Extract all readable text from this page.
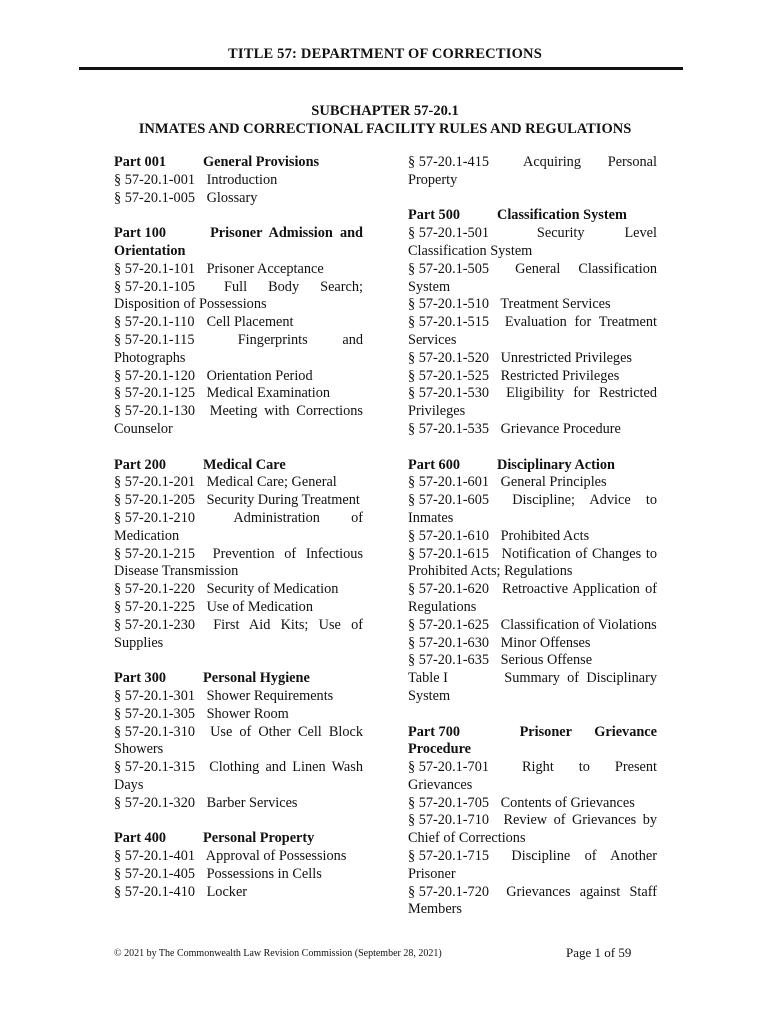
TITLE 57: DEPARTMENT OF CORRECTIONS
SUBCHAPTER 57-20.1
INMATES AND CORRECTIONAL FACILITY RULES AND REGULATIONS
Part 001	General Provisions
§ 57-20.1-001 Introduction
§ 57-20.1-005 Glossary
Part 100	Prisoner Admission and Orientation
§ 57-20.1-101 Prisoner Acceptance
§ 57-20.1-105 Full Body Search; Disposition of Possessions
§ 57-20.1-110 Cell Placement
§ 57-20.1-115	Fingerprints and Photographs
§ 57-20.1-120 Orientation Period
§ 57-20.1-125 Medical Examination
§ 57-20.1-130 Meeting with Corrections Counselor
Part 200	Medical Care
§ 57-20.1-201 Medical Care; General
§ 57-20.1-205 Security During Treatment
§ 57-20.1-210	Administration of Medication
§ 57-20.1-215 Prevention of Infectious Disease Transmission
§ 57-20.1-220 Security of Medication
§ 57-20.1-225 Use of Medication
§ 57-20.1-230 First Aid Kits; Use of Supplies
Part 300	Personal Hygiene
§ 57-20.1-301 Shower Requirements
§ 57-20.1-305 Shower Room
§ 57-20.1-310 Use of Other Cell Block Showers
§ 57-20.1-315 Clothing and Linen Wash Days
§ 57-20.1-320 Barber Services
Part 400	Personal Property
§ 57-20.1-401 Approval of Possessions
§ 57-20.1-405 Possessions in Cells
§ 57-20.1-410 Locker
§ 57-20.1-415 Acquiring Personal Property
Part 500	Classification System
§ 57-20.1-501	Security Level Classification System
§ 57-20.1-505 General Classification System
§ 57-20.1-510 Treatment Services
§ 57-20.1-515 Evaluation for Treatment Services
§ 57-20.1-520 Unrestricted Privileges
§ 57-20.1-525 Restricted Privileges
§ 57-20.1-530 Eligibility for Restricted Privileges
§ 57-20.1-535 Grievance Procedure
Part 600	Disciplinary Action
§ 57-20.1-601 General Principles
§ 57-20.1-605 Discipline; Advice to Inmates
§ 57-20.1-610 Prohibited Acts
§ 57-20.1-615 Notification of Changes to Prohibited Acts; Regulations
§ 57-20.1-620 Retroactive Application of Regulations
§ 57-20.1-625 Classification of Violations
§ 57-20.1-630 Minor Offenses
§ 57-20.1-635 Serious Offense
Table I	Summary of Disciplinary System
Part 700	Prisoner Grievance Procedure
§ 57-20.1-701 Right to Present Grievances
§ 57-20.1-705 Contents of Grievances
§ 57-20.1-710 Review of Grievances by Chief of Corrections
§ 57-20.1-715 Discipline of Another Prisoner
§ 57-20.1-720 Grievances against Staff Members
© 2021 by The Commonwealth Law Revision Commission (September 28, 2021)	Page 1 of 59
